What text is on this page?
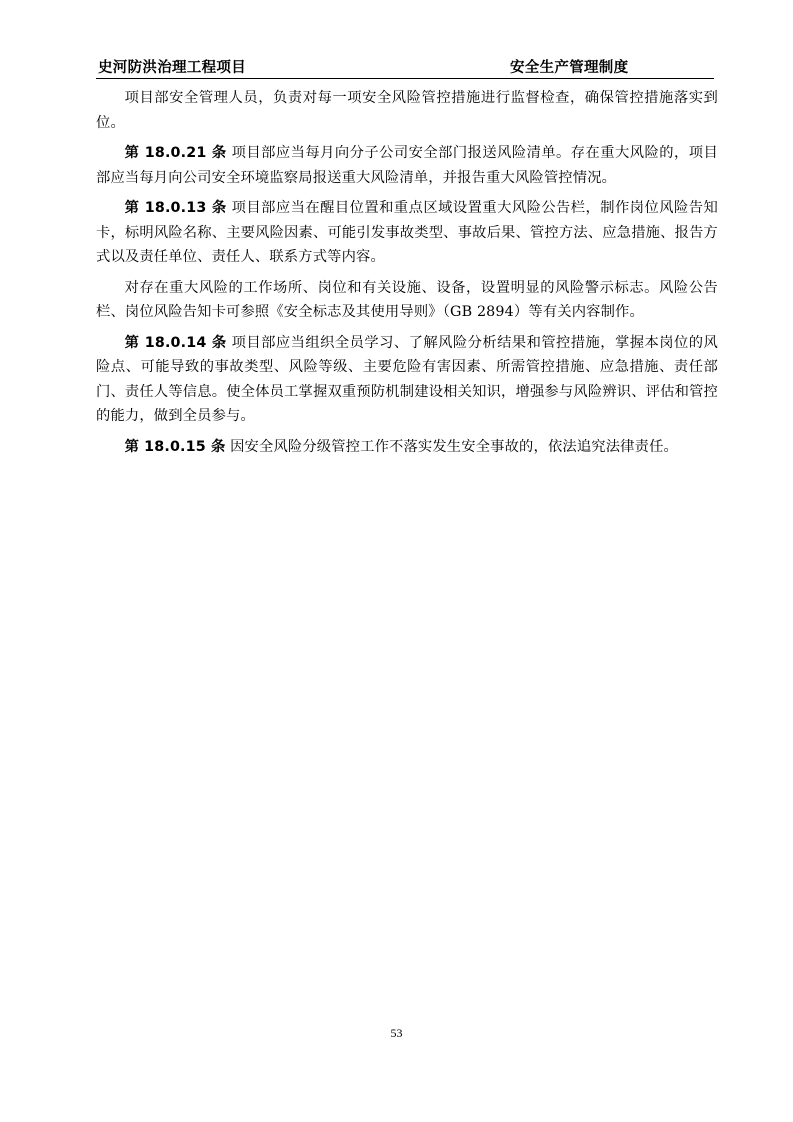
史河防洪治理工程项目	安全生产管理制度

项目部安全管理人员，负责对每一项安全风险管控措施进行监督检查，确保管控措施落实到位。

第 18.0.21 条 项目部应当每月向分子公司安全部门报送风险清单。存在重大风险的，项目部应当每月向公司安全环境监察局报送重大风险清单，并报告重大风险管控情况。

第 18.0.13 条 项目部应当在醒目位置和重点区域设置重大风险公告栏，制作岗位风险告知卡，标明风险名称、主要风险因素、可能引发事故类型、事故后果、管控方法、应急措施、报告方式以及责任单位、责任人、联系方式等内容。

对存在重大风险的工作场所、岗位和有关设施、设备，设置明显的风险警示标志。风险公告栏、岗位风险告知卡可参照《安全标志及其使用导则》（GB 2894）等有关内容制作。

第 18.0.14 条 项目部应当组织全员学习、了解风险分析结果和管控措施，掌握本岗位的风险点、可能导致的事故类型、风险等级、主要危险有害因素、所需管控措施、应急措施、责任部门、责任人等信息。使全体员工掌握双重预防机制建设相关知识，增强参与风险辨识、评估和管控的能力，做到全员参与。

第 18.0.15 条 因安全风险分级管控工作不落实发生安全事故的，依法追究法律责任。

53
